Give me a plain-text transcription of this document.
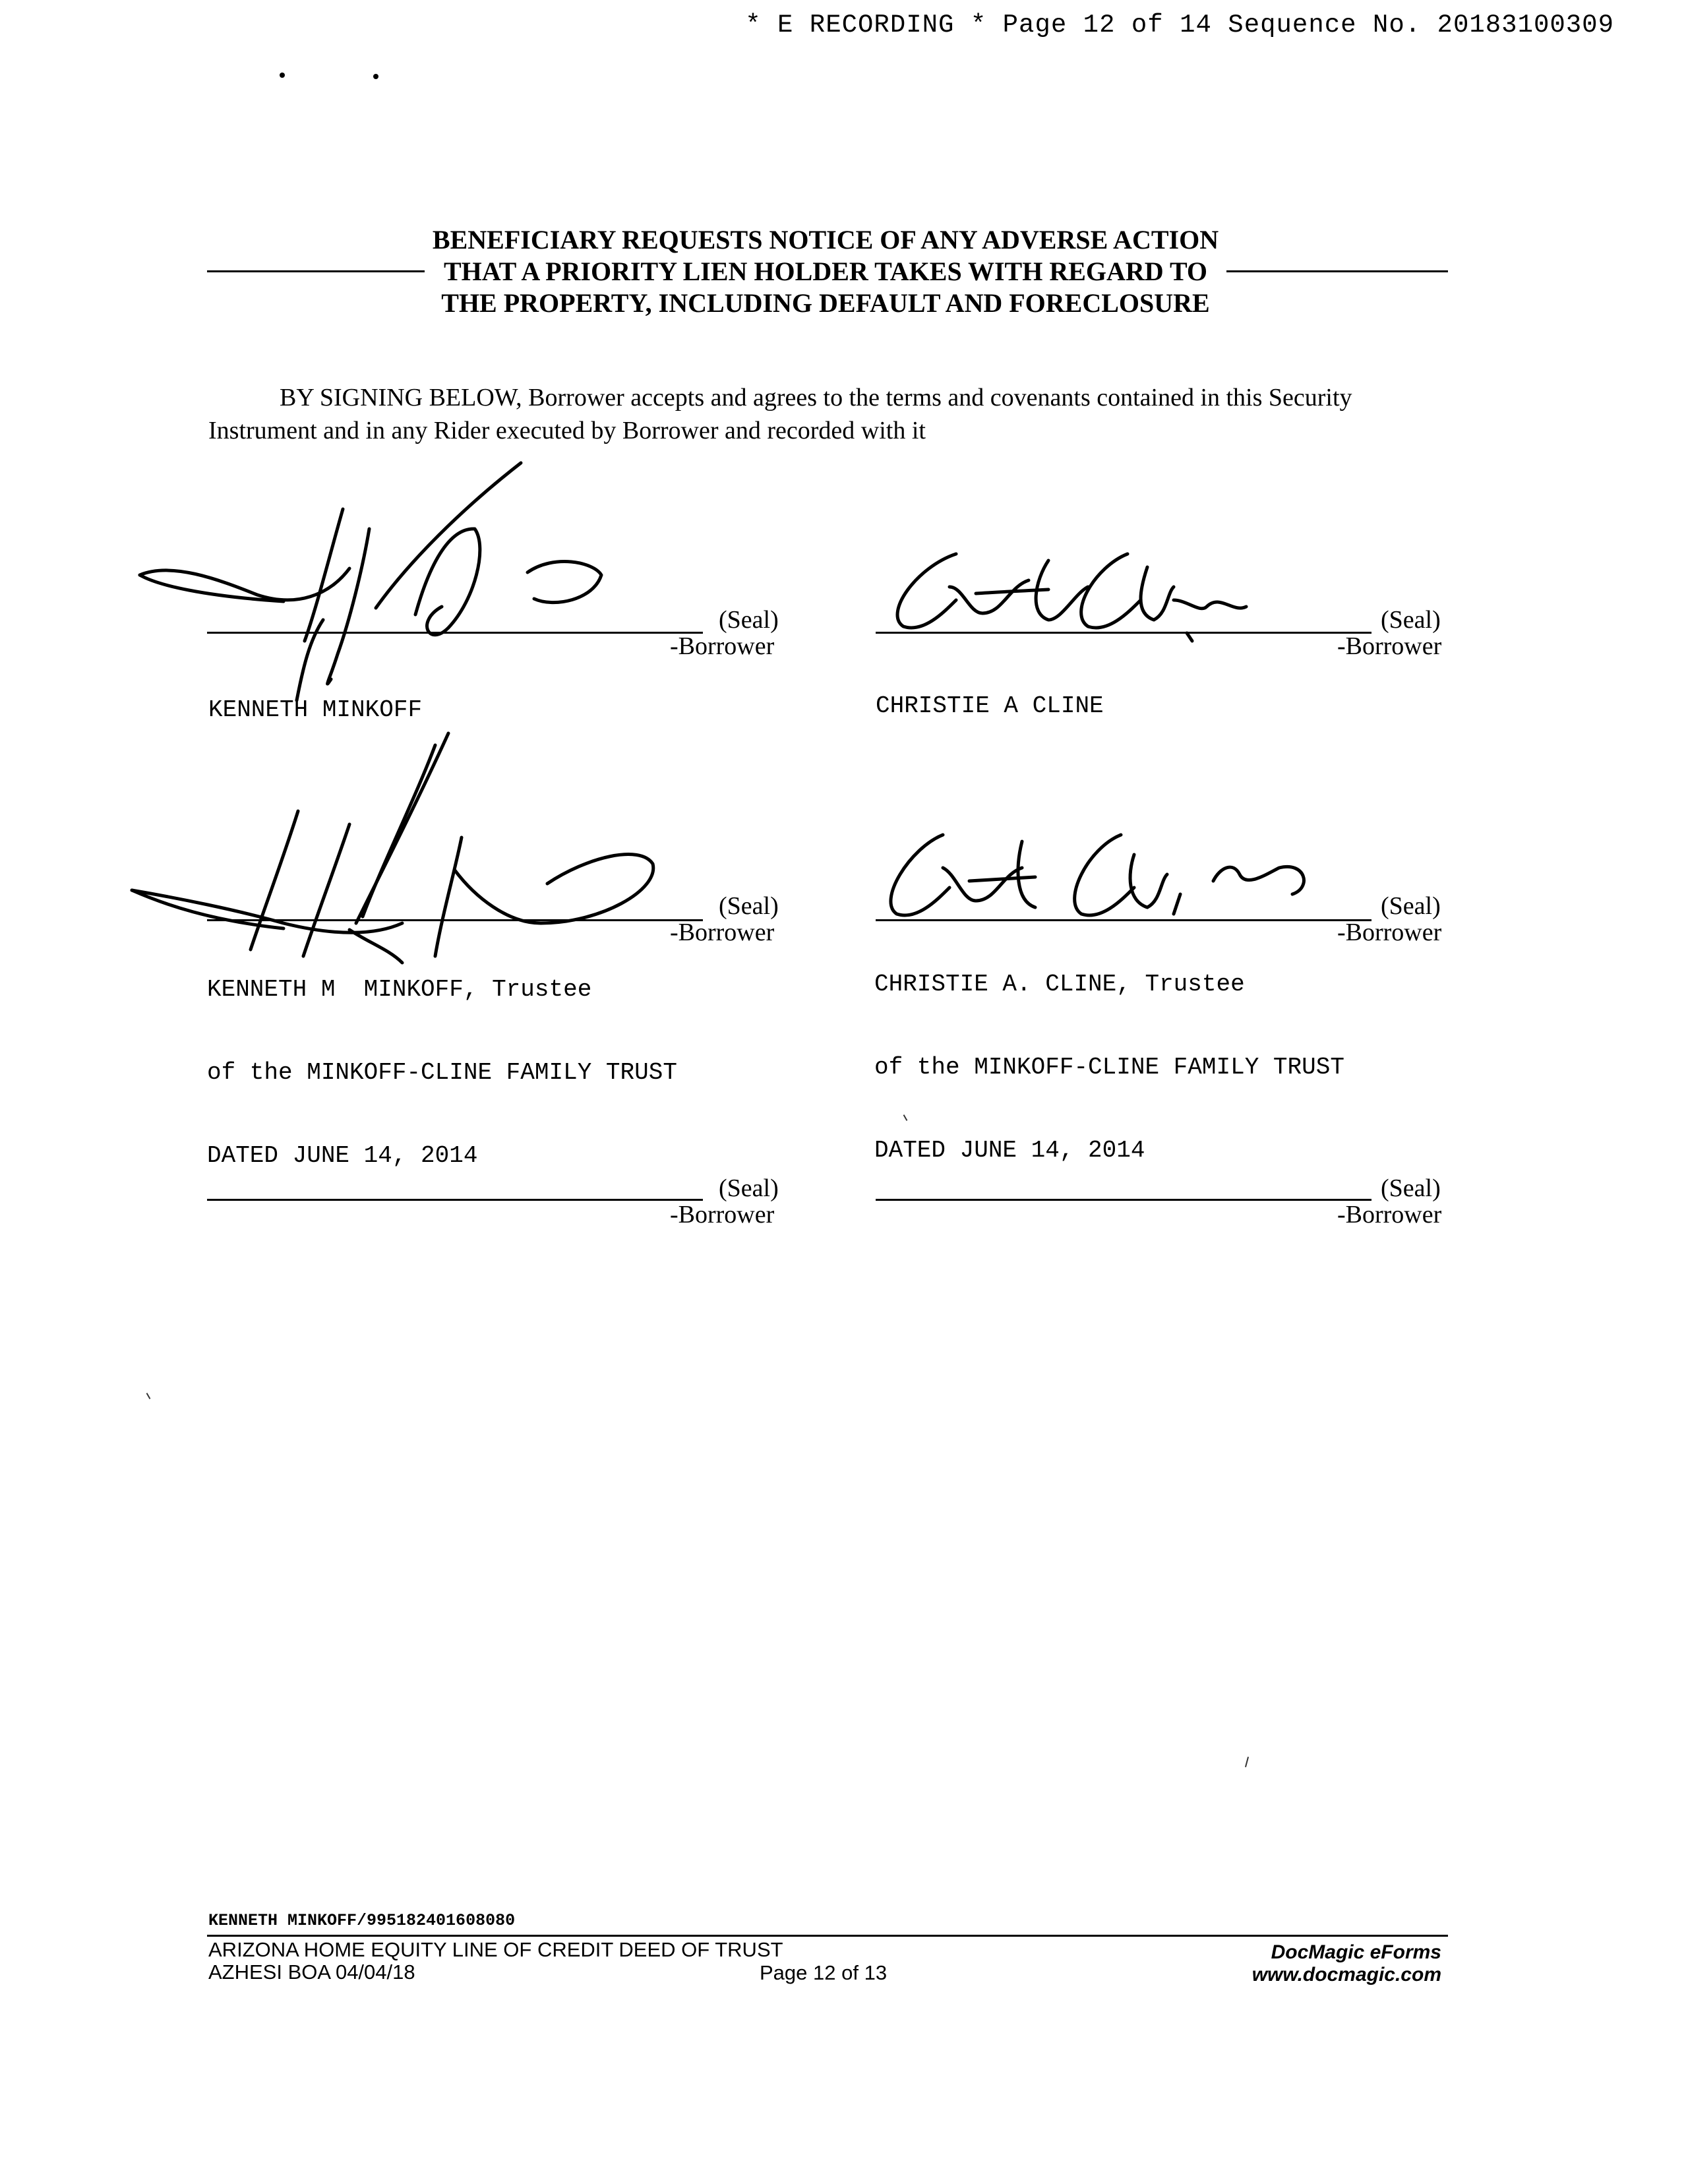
* E RECORDING * Page 12 of 14 Sequence No. 20183100309
BENEFICIARY REQUESTS NOTICE OF ANY ADVERSE ACTION
THAT A PRIORITY LIEN HOLDER TAKES WITH REGARD TO
THE PROPERTY, INCLUDING DEFAULT AND FORECLOSURE
BY SIGNING BELOW, Borrower accepts and agrees to the terms and covenants contained in this Security Instrument and in any Rider executed by Borrower and recorded with it
(Seal)
-Borrower

KENNETH MINKOFF

(Seal)
-Borrower

CHRISTIE A CLINE

(Seal)
-Borrower

KENNETH M  MINKOFF, Trustee

of the MINKOFF-CLINE FAMILY TRUST

DATED JUNE 14, 2014

(Seal)
-Borrower

CHRISTIE A. CLINE, Trustee

of the MINKOFF-CLINE FAMILY TRUST

DATED JUNE 14, 2014

(Seal)
-Borrower
(Seal)
-Borrower
KENNETH MINKOFF/995182401608080
ARIZONA HOME EQUITY LINE OF CREDIT DEED OF TRUST
AZHESI BOA 04/04/18	Page 12 of 13
DocMagic eForms
www.docmagic.com
